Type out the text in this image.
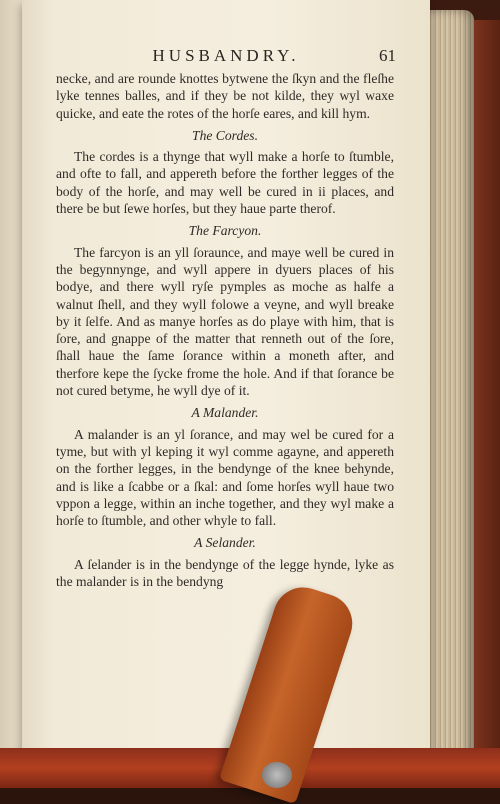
HUSBANDRY.	61

necke, and are rounde knottes bytwene the ſkyn and the fleſhe lyke tennes balles, and if they be not kilde, they wyl waxe quicke, and eate the rotes of the horſe eares, and kill hym.

The Cordes.

The cordes is a thynge that wyll make a horſe to ſtumble, and ofte to fall, and appereth before the forther legges of the body of the horſe, and may well be cured in ii places, and there be but ſewe horſes, but they haue parte therof.

The Farcyon.

The farcyon is an yll ſoraunce, and maye well be cured in the begynnynge, and wyll appere in dyuers places of his bodye, and there wyll ryſe pymples as moche as halfe a walnut ſhell, and they wyll folowe a veyne, and wyll breake by it ſelfe. And as manye horſes as do playe with him, that is ſore, and gnappe of the matter that renneth out of the ſore, ſhall haue the ſame ſorance within a moneth after, and therfore kepe the ſycke frome the hole. And if that ſorance be not cured betyme, he wyll dye of it.

A Malander.

A malander is an yl ſorance, and may wel be cured for a tyme, but with yl keping it wyl comme agayne, and appereth on the forther legges, in the bendynge of the knee behynde, and is like a ſcabbe or a ſkal: and ſome horſes wyll haue two vppon a legge, within an inche together, and they wyl make a horſe to ſtumble, and other whyle to fall.

A Selander.

A ſelander is in the bendynge of the legge hynde, lyke as the malander is in the bendyng
